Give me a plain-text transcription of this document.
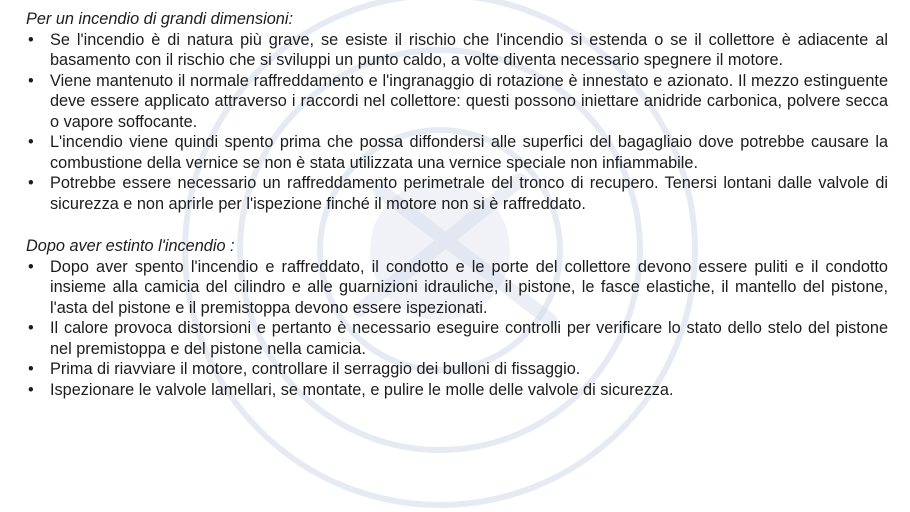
Per un incendio di grandi dimensioni:

• Se l'incendio è di natura più grave, se esiste il rischio che l'incendio si estenda o se il collettore è adiacente al basamento con il rischio che si sviluppi un punto caldo, a volte diventa necessario spegnere il motore.
• Viene mantenuto il normale raffreddamento e l'ingranaggio di rotazione è innestato e azionato. Il mezzo estinguente deve essere applicato attraverso i raccordi nel collettore: questi possono iniettare anidride carbonica, polvere secca o vapore soffocante.
• L'incendio viene quindi spento prima che possa diffondersi alle superfici del bagagliaio dove potrebbe causare la combustione della vernice se non è stata utilizzata una vernice speciale non infiammabile.
• Potrebbe essere necessario un raffreddamento perimetrale del tronco di recupero. Tenersi lontani dalle valvole di sicurezza e non aprirle per l'ispezione finché il motore non si è raffreddato.

Dopo aver estinto l'incendio :

• Dopo aver spento l'incendio e raffreddato, il condotto e le porte del collettore devono essere puliti e il condotto insieme alla camicia del cilindro e alle guarnizioni idrauliche, il pistone, le fasce elastiche, il mantello del pistone, l'asta del pistone e il premistoppa devono essere ispezionati.
• Il calore provoca distorsioni e pertanto è necessario eseguire controlli per verificare lo stato dello stelo del pistone nel premistoppa e del pistone nella camicia.
• Prima di riavviare il motore, controllare il serraggio dei bulloni di fissaggio.
• Ispezionare le valvole lamellari, se montate, e pulire le molle delle valvole di sicurezza.
